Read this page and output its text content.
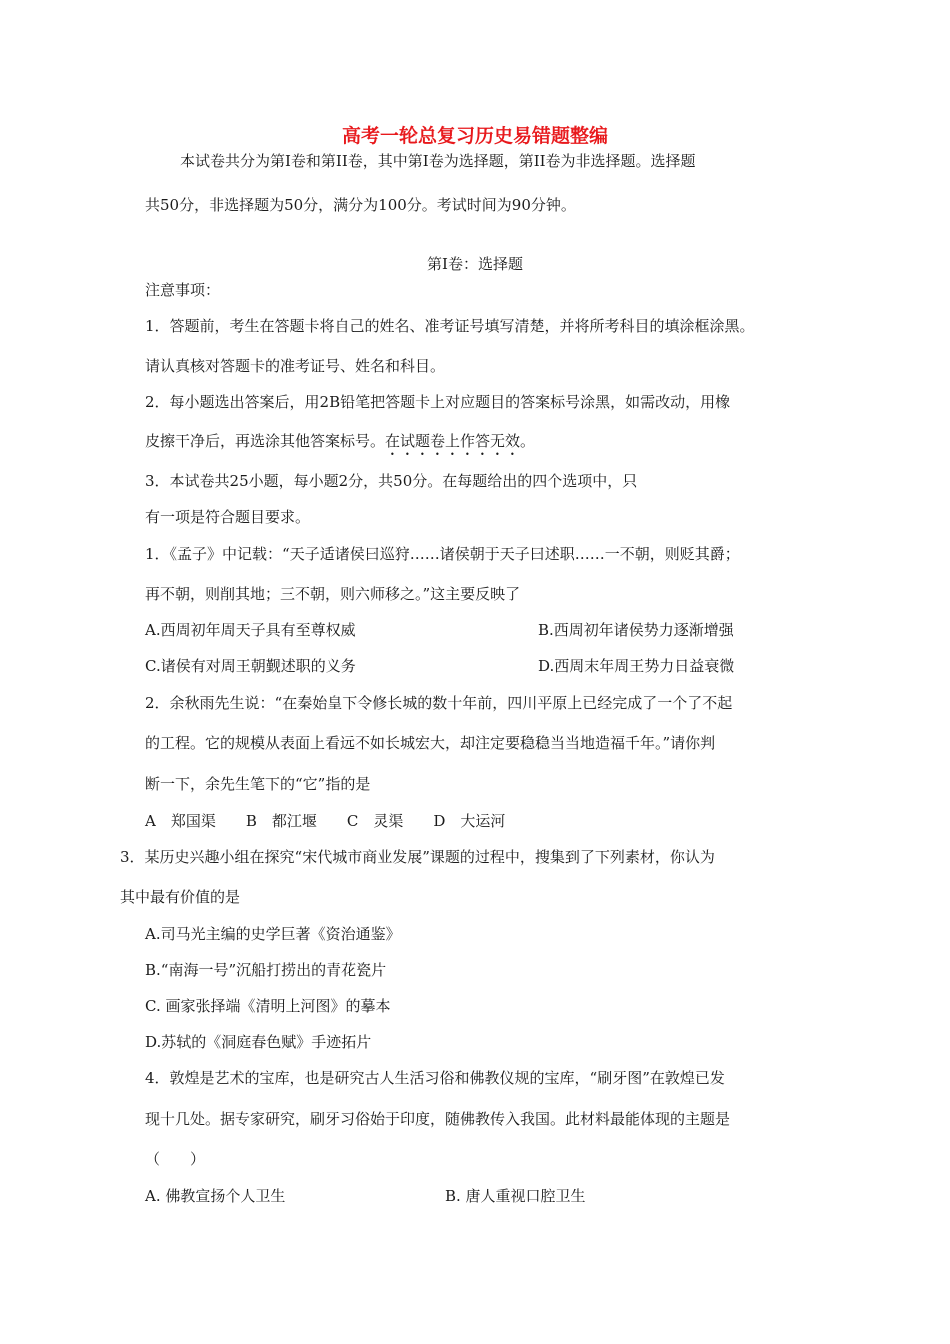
高考一轮总复习历史易错题整编
本试卷共分为第I卷和第II卷，其中第I卷为选择题，第II卷为非选择题。选择题
共50分，非选择题为50分，满分为100分。考试时间为90分钟。
第I卷：选择题
注意事项：
1．答题前，考生在答题卡将自己的姓名、准考证号填写清楚，并将所考科目的填涂框涂黑。
请认真核对答题卡的准考证号、姓名和科目。
2．每小题选出答案后，用2B铅笔把答题卡上对应题目的答案标号涂黑，如需改动，用橡
皮擦干净后，再选涂其他答案标号。在试题卷上作答无效。
3．本试卷共25小题，每小题2分，共50分。在每题给出的四个选项中，只
有一项是符合题目要求。
1．《孟子》中记载：“天子适诸侯曰巡狩……诸侯朝于天子曰述职……一不朝，则贬其爵；
再不朝，则削其地；三不朝，则六师移之。”这主要反映了
A.西周初年周天子具有至尊权威	B.西周初年诸侯势力逐渐增强
C.诸侯有对周王朝觐述职的义务	D.西周末年周王势力日益衰微
2．余秋雨先生说：“在秦始皇下令修长城的数十年前，四川平原上已经完成了一个了不起
的工程。它的规模从表面上看远不如长城宏大，却注定要稳稳当当地造福千年。”请你判
断一下，余先生笔下的“它”指的是
A　郑国渠　　B　都江堰　　C　灵渠　　D　大运河
3．某历史兴趣小组在探究“宋代城市商业发展”课题的过程中，搜集到了下列素材，你认为
其中最有价值的是
A.司马光主编的史学巨著《资治通鉴》
B.“南海一号”沉船打捞出的青花瓷片
C. 画家张择端《清明上河图》的摹本
D.苏轼的《洞庭春色赋》手迹拓片
4．敦煌是艺术的宝库，也是研究古人生活习俗和佛教仪规的宝库，“刷牙图”在敦煌已发
现十几处。据专家研究，刷牙习俗始于印度，随佛教传入我国。此材料最能体现的主题是
（　　）
A. 佛教宣扬个人卫生	B. 唐人重视口腔卫生
